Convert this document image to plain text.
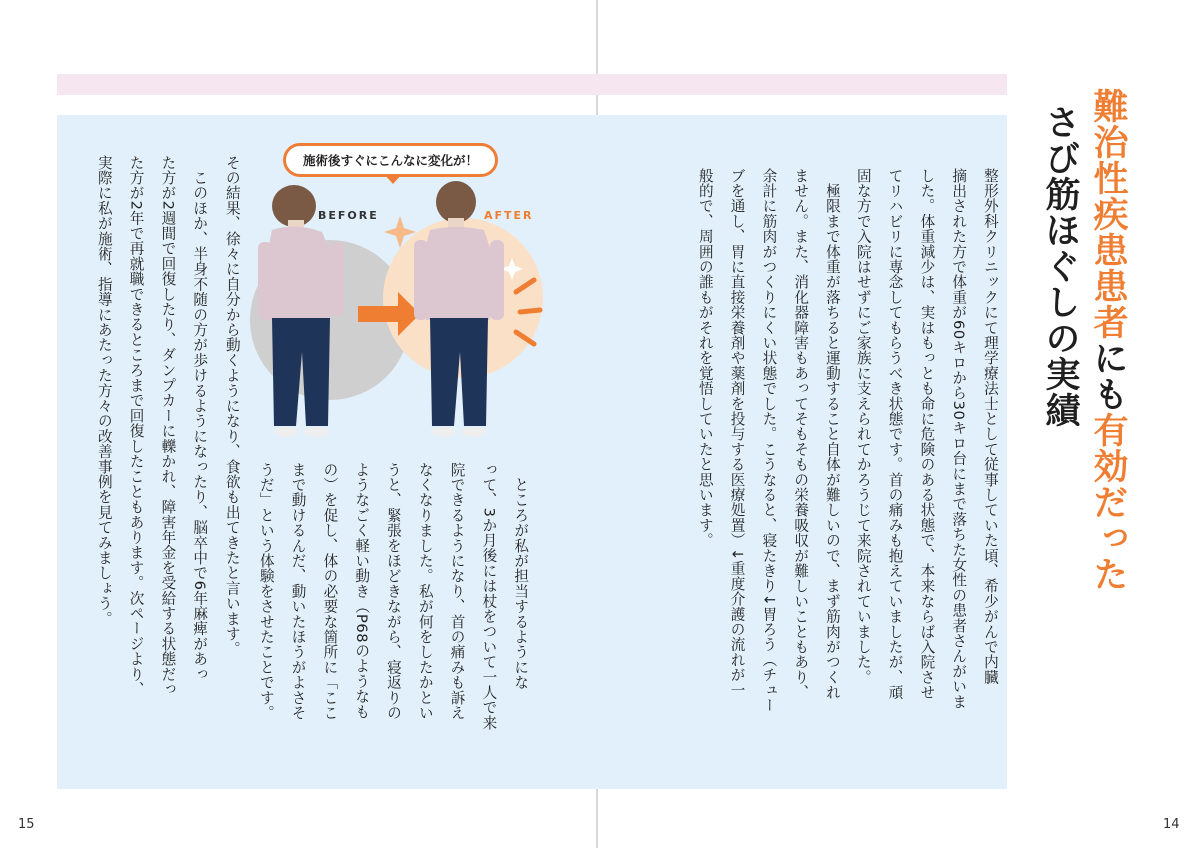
難治性疾患患者にも有効だった
さび筋ほぐしの実績
整形外科クリニックにて理学療法士として従事していた頃、希少がんで内臓
摘出された方で体重が60キロから30キロ台にまで落ちた女性の患者さんがいま
した。体重減少は、実はもっとも命に危険のある状態で、本来ならば入院させ
てリハビリに専念してもらうべき状態です。首の痛みも抱えていましたが、頑
固な方で入院はせずにご家族に支えられてかろうじて来院されていました。
　極限まで体重が落ちると運動すること自体が難しいので、まず筋肉がつくれ
ません。また、消化器障害もあってそもそもの栄養吸収が難しいこともあり、
余計に筋肉がつくりにくい状態でした。こうなると、寝たきり↓胃ろう（チュー
ブを通し、胃に直接栄養剤や薬剤を投与する医療処置）↓重度介護の流れが一
般的で、周囲の誰もがそれを覚悟していたと思います。
施術後すぐにこんなに変化が！
BEFORE	AFTER
　ところが私が担当するようにな
って、3か月後には杖をついて一人で来
院できるようになり、首の痛みも訴え
なくなりました。私が何をしたかとい
うと、緊張をほどきながら、寝返りの
ようなごく軽い動き（P68のようなも
の）を促し、体の必要な箇所に「ここ
まで動けるんだ、動いたほうがよさそ
うだ」という体験をさせたことです。
その結果、徐々に自分から動くようになり、食欲も出てきたと言います。
　このほか、半身不随の方が歩けるようになったり、脳卒中で6年麻痺があっ
た方が2週間で回復したり、ダンプカーに轢かれ、障害年金を受給する状態だっ
た方が2年で再就職できるところまで回復したこともあります。次ページより、
実際に私が施術、指導にあたった方々の改善事例を見てみましょう。
15	14
